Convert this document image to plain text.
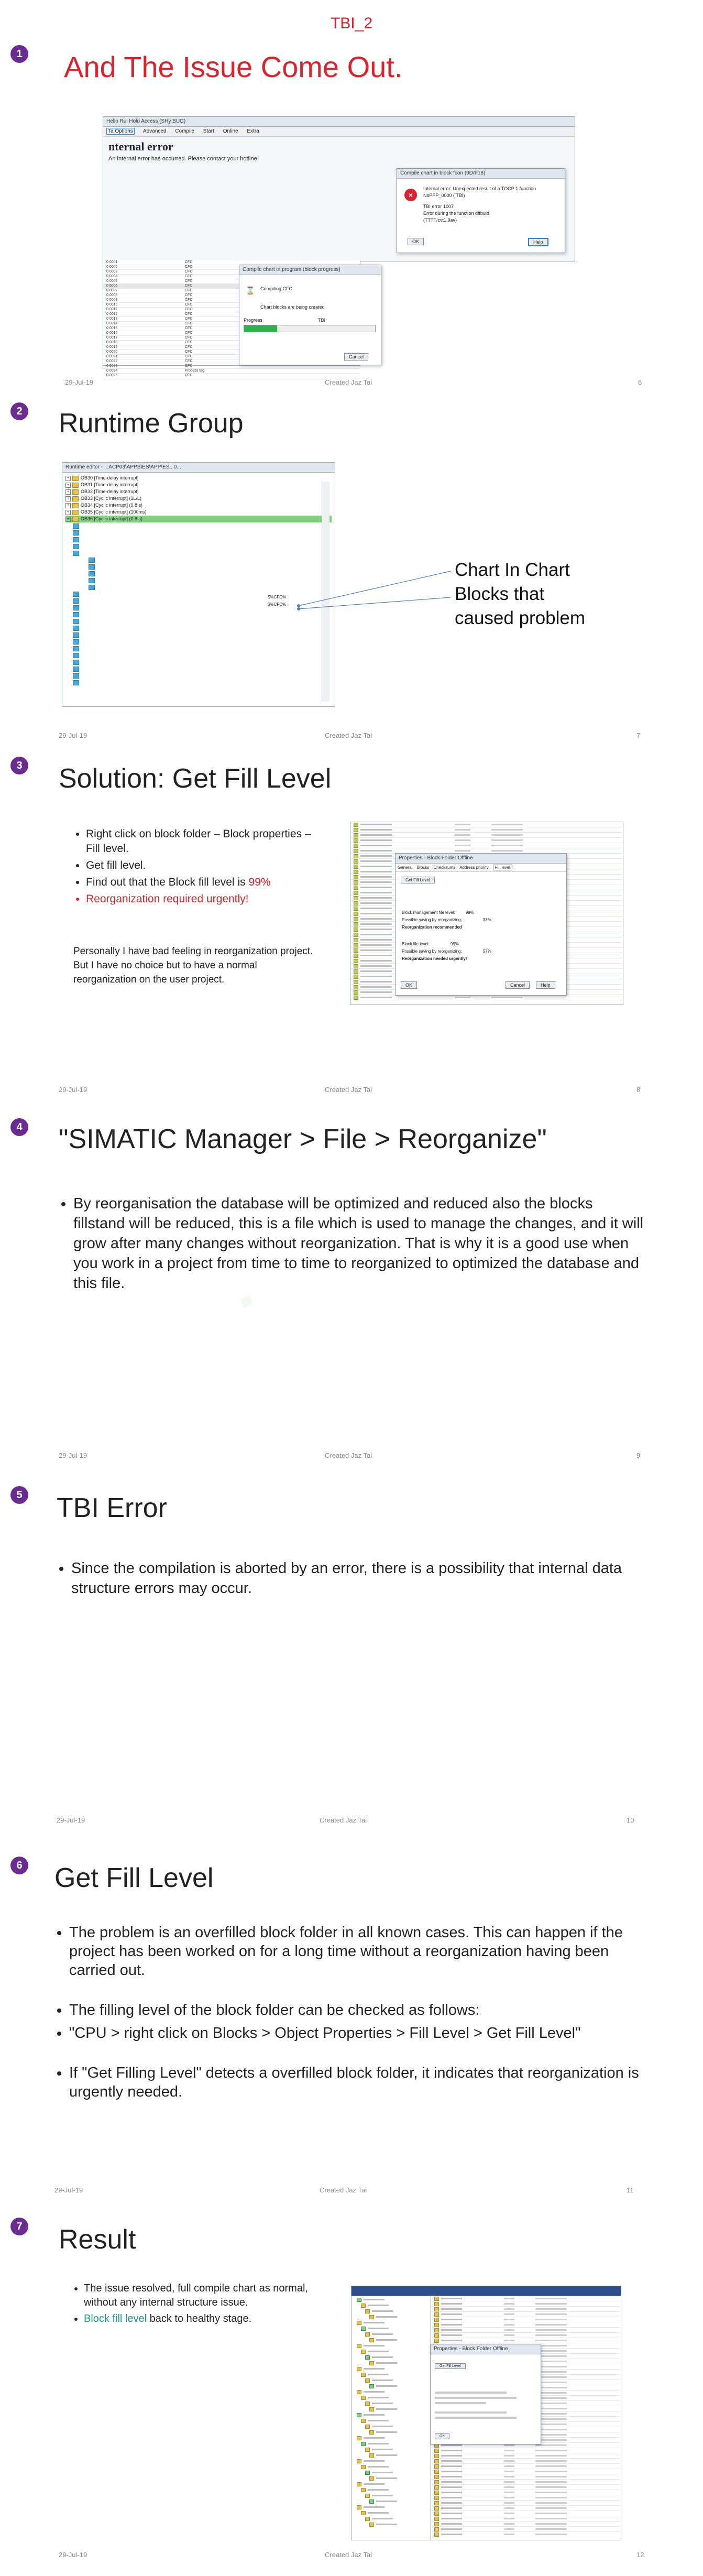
TBI_2
1 And The Issue Come Out.
Hello Rui Hold Access (SHy BUG)
Ta Options Advanced Compile Start Online Extra
nternal error
An internal error has occurred. Please contact your hotline.
Compile chart in block fcon (9D/F18)
×
Internal error: Unexpected result of a TOCP 1 function
NoPPP_0000 ( TBI)
TBI error 1007
Error during the function dffbuid
(TTTT/cvt1.9av)
OK	Help
0 0001	CFC
0 0002	CFC
0 0003	CFC
0 0004	CFC
0 0005	CFC
0 0006	CFC
0 0007	CFC
0 0008	CFC
0 0009	CFC
0 0010	CFC
0 0011	CFC
0 0012	CFC
0 0013	CFC
0 0014	CFC
0 0015	CFC
0 0016	CFC
0 0017	CFC
0 0018	CFC
0 0019	CFC
0 0020	CFC
0 0021	CFC
0 0022	CFC
0 0023	CFC
0 0024	Process tag
0 0025	CFC
Compile chart in program (block progress)
⌛ Compiling CFC
Chart blocks are being created
Progress	TBI
Cancel
29-Jul-19	Created Jaz Tai	6
2 Runtime Group
Runtime editor - ...ACP03\APPS\ES\APP\ES.. 0...
+ OB30 [Time-delay interrupt]
+ OB31 [Time-delay interrupt]
+ OB32 [Time-delay interrupt]
+ OB33 [Cyclic interrupt] (1L/L)
+ OB34 [Cyclic interrupt] (0.8 s)
+ OB35 [Cyclic interrupt] (100ms)
+ OB36 [Cyclic interrupt] (0.8 s)
$%CFC%
$%CFC%
Chart In Chart Blocks that caused problem
29-Jul-19	Created Jaz Tai	7
3 Solution: Get Fill Level
• Right click on block folder – Block properties – Fill level.
• Get fill level.
• Find out that the Block fill level is 99%
• Reorganization required urgently!
Personally I have bad feeling in reorganization project. But I have no choice but to have a normal reorganization on the user project.
Properties - Block Folder Offline
General Blocks Checksums Address priority Fill level
Get Fill Level
Block management file level:	99%
Possible saving by reorganizing:	33%
Reorganization recommended
Block file level:	99%
Possible saving by reorganizing:	57%
Reorganization needed urgently!
OK	Cancel	Help
29-Jul-19	Created Jaz Tai	8
4 "SIMATIC Manager > File > Reorganize"
• By reorganisation the database will be optimized and reduced also the blocks fillstand will be reduced, this is a file which is used to manage the changes, and it will grow after many changes without reorganization. That is why it is a good use when you work in a project from time to time to reorganized to optimized the database and this file.
▦
29-Jul-19	Created Jaz Tai	9
5 TBI Error
• Since the compilation is aborted by an error, there is a possibility that internal data structure errors may occur.
29-Jul-19	Created Jaz Tai	10
6 Get Fill Level
• The problem is an overfilled block folder in all known cases. This can happen if the project has been worked on for a long time without a reorganization having been carried out.
• The filling level of the block folder can be checked as follows:
• "CPU > right click on Blocks > Object Properties > Fill Level > Get Fill Level"
• If "Get Filling Level" detects a overfilled block folder, it indicates that reorganization is urgently needed.
29-Jul-19	Created Jaz Tai	11
7 Result
• The issue resolved, full compile chart as normal, without any internal structure issue.
• Block fill level back to healthy stage.
Properties - Block Folder Offline
Get Fill Level
OK
29-Jul-19	Created Jaz Tai	12
